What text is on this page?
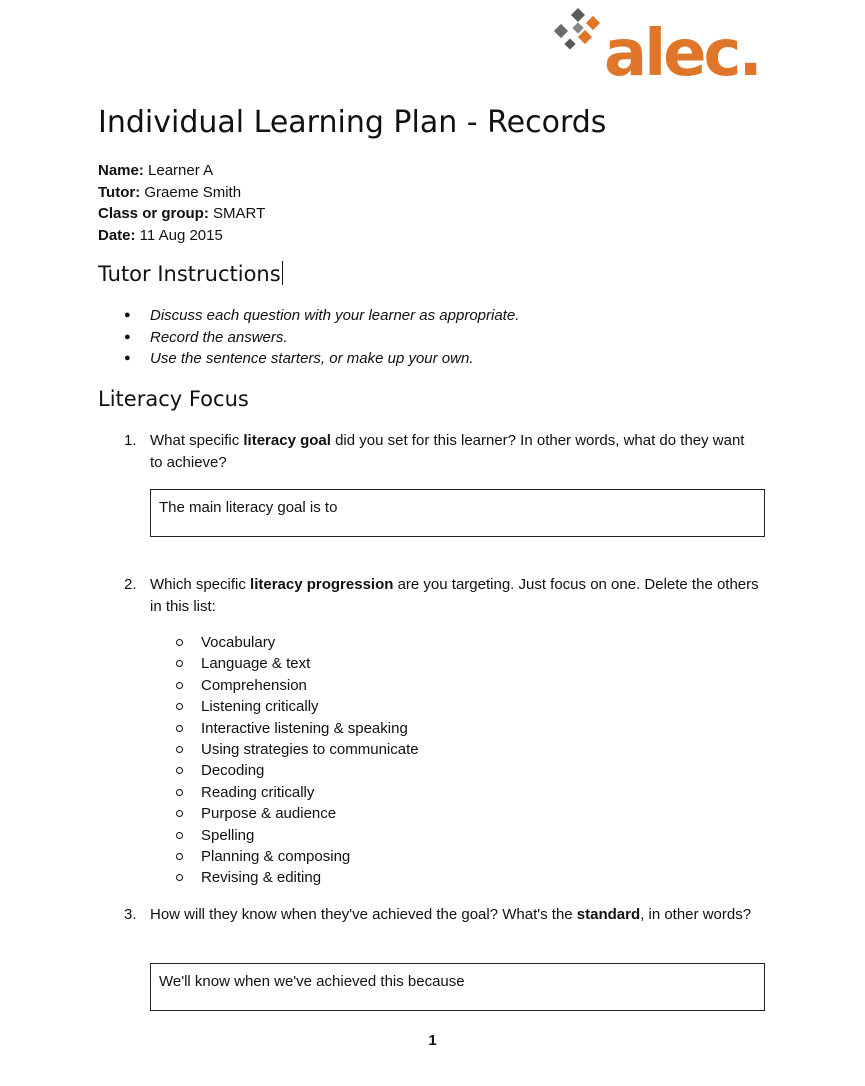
alec.
Individual Learning Plan - Records
Name: Learner A
Tutor: Graeme Smith
Class or group: SMART
Date: 11 Aug 2015
Tutor Instructions
● Discuss each question with your learner as appropriate.
● Record the answers.
● Use the sentence starters, or make up your own.
Literacy Focus
1. What specific literacy goal did you set for this learner? In other words, what do they want to achieve?
The main literacy goal is to
2. Which specific literacy progression are you targeting. Just focus on one. Delete the others in this list:
Vocabulary
Language & text
Comprehension
Listening critically
Interactive listening & speaking
Using strategies to communicate
Decoding
Reading critically
Purpose & audience
Spelling
Planning & composing
Revising & editing
3. How will they know when they've achieved the goal? What's the standard, in other words?
We'll know when we've achieved this because
1
